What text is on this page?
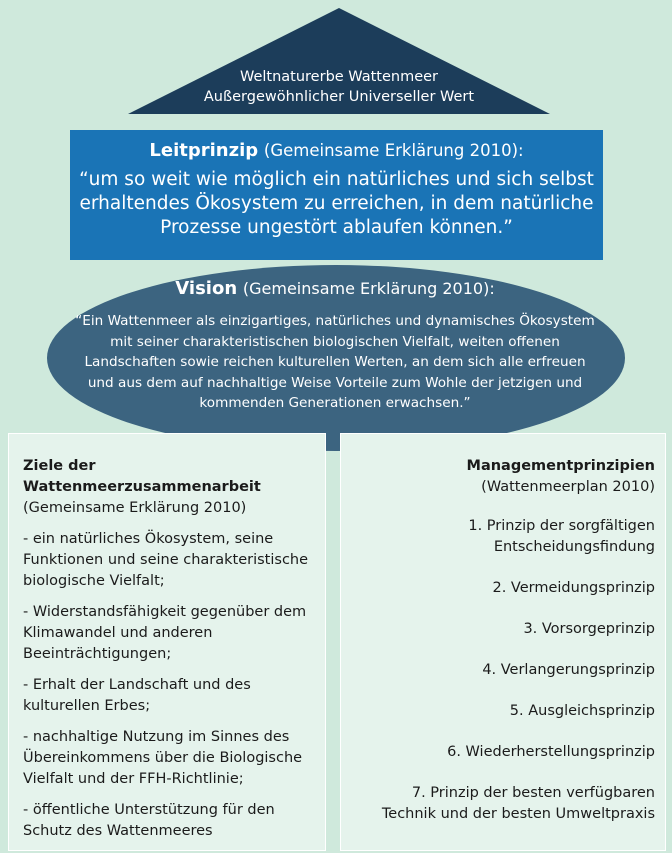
Weltnaturerbe Wattenmeer
Außergewöhnlicher Universeller Wert
Leitprinzip (Gemeinsame Erklärung 2010):
“um so weit wie möglich ein natürliches und sich selbst erhaltendes Ökosystem zu erreichen, in dem natürliche Prozesse ungestört ablaufen können.”
Vision (Gemeinsame Erklärung 2010):
“Ein Wattenmeer als einzigartiges, natürliches und dynamisches Ökosystem mit seiner charakteristischen biologischen Vielfalt, weiten offenen Landschaften sowie reichen kulturellen Werten, an dem sich alle erfreuen und aus dem auf nachhaltige Weise Vorteile zum Wohle der jetzigen und kommenden Generationen erwachsen.”
Ziele der Wattenmeerzusammenarbeit
(Gemeinsame Erklärung 2010)
- ein natürliches Ökosystem, seine Funktionen und seine charakteristische biologische Vielfalt;
- Widerstandsfähigkeit gegenüber dem Klimawandel und anderen Beeinträchtigungen;
- Erhalt der Landschaft und des kulturellen Erbes;
- nachhaltige Nutzung im Sinnes des Übereinkommens über die Biologische Vielfalt und der FFH-Richtlinie;
- öffentliche Unterstützung für den Schutz des Wattenmeeres
Managementprinzipien
(Wattenmeerplan 2010)
1. Prinzip der sorgfältigen Entscheidungsfindung
2. Vermeidungsprinzip
3. Vorsorgeprinzip
4. Verlangerungsprinzip
5. Ausgleichsprinzip
6. Wiederherstellungsprinzip
7. Prinzip der besten verfügbaren Technik und der besten Umweltpraxis
